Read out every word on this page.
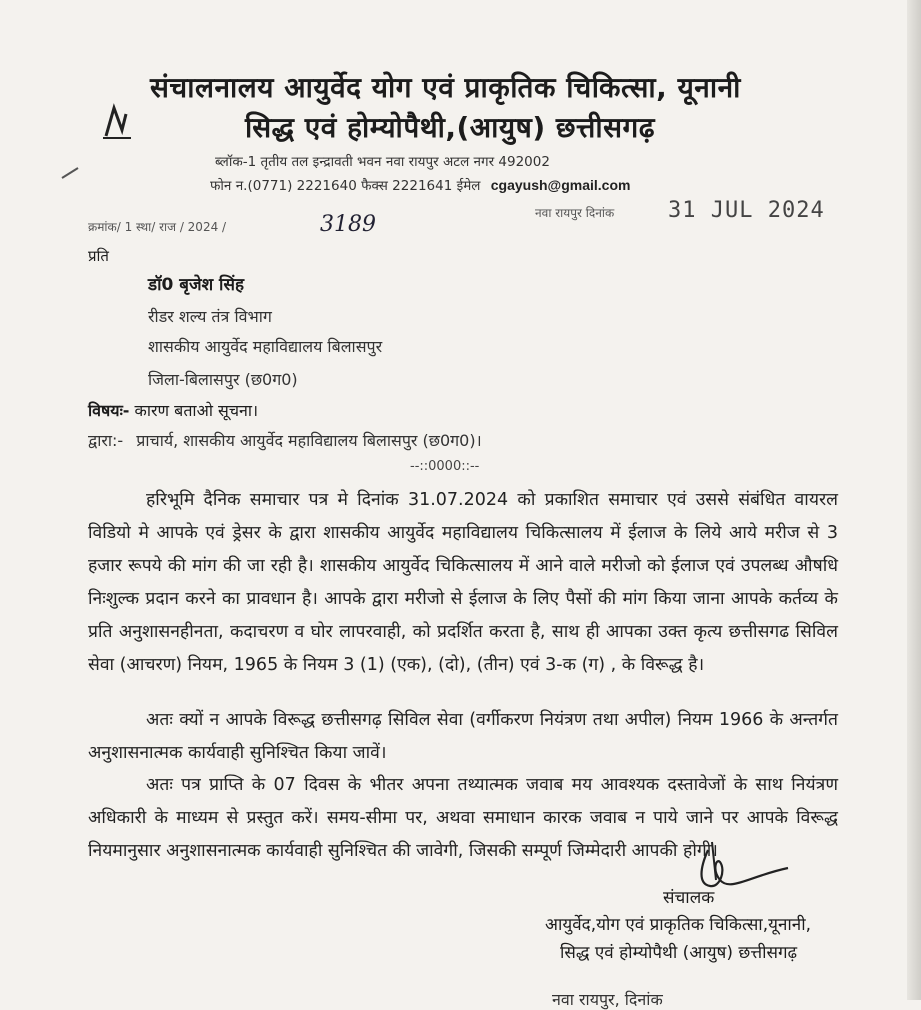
संचालनालय आयुर्वेद योग एवं प्राकृतिक चिकित्सा, यूनानी
सिद्ध एवं होम्योपैथी,(आयुष) छत्तीसगढ़
ब्लॉक-1 तृतीय तल इन्द्रावती भवन नवा रायपुर अटल नगर 492002
फोन न.(0771) 2221640 फैक्स 2221641 ईमेल cgayush@gmail.com
क्रमांक/ 1 स्था/ राज / 2024 /	3189	नवा रायपुर दिनांक 31 JUL 2024
प्रति
डॉ0 बृजेश सिंह
रीडर शल्य तंत्र विभाग
शासकीय आयुर्वेद महाविद्यालय बिलासपुर
जिला-बिलासपुर (छ0ग0)
विषयः- कारण बताओ सूचना।
द्वारा:- प्राचार्य, शासकीय आयुर्वेद महाविद्यालय बिलासपुर (छ0ग0)।
--::0000::--
हरिभूमि दैनिक समाचार पत्र मे दिनांक 31.07.2024 को प्रकाशित समाचार एवं उससे संबंधित वायरल विडियो मे आपके एवं ड्रेसर के द्वारा शासकीय आयुर्वेद महाविद्यालय चिकित्सालय में ईलाज के लिये आये मरीज से 3 हजार रूपये की मांग की जा रही है। शासकीय आयुर्वेद चिकित्सालय में आने वाले मरीजो को ईलाज एवं उपलब्ध औषधि निःशुल्क प्रदान करने का प्रावधान है। आपके द्वारा मरीजो से ईलाज के लिए पैसों की मांग किया जाना आपके कर्तव्य के प्रति अनुशासनहीनता, कदाचरण व घोर लापरवाही, को प्रदर्शित करता है, साथ ही आपका उक्त कृत्य छत्तीसगढ सिविल सेवा (आचरण) नियम, 1965 के नियम 3 (1) (एक), (दो), (तीन) एवं 3-क (ग) , के विरूद्ध है।
अतः क्यों न आपके विरूद्ध छत्तीसगढ़ सिविल सेवा (वर्गीकरण नियंत्रण तथा अपील) नियम 1966 के अन्तर्गत अनुशासनात्मक कार्यवाही सुनिश्चित किया जावें।
अतः पत्र प्राप्ति के 07 दिवस के भीतर अपना तथ्यात्मक जवाब मय आवश्यक दस्तावेजों के साथ नियंत्रण अधिकारी के माध्यम से प्रस्तुत करें। समय-सीमा पर, अथवा समाधान कारक जवाब न पाये जाने पर आपके विरूद्ध नियमानुसार अनुशासनात्मक कार्यवाही सुनिश्चित की जावेगी, जिसकी सम्पूर्ण जिम्मेदारी आपकी होगी।
संचालक
आयुर्वेद,योग एवं प्राकृतिक चिकित्सा,यूनानी,
सिद्ध एवं होम्योपैथी (आयुष) छत्तीसगढ़
नवा रायपुर, दिनांक
